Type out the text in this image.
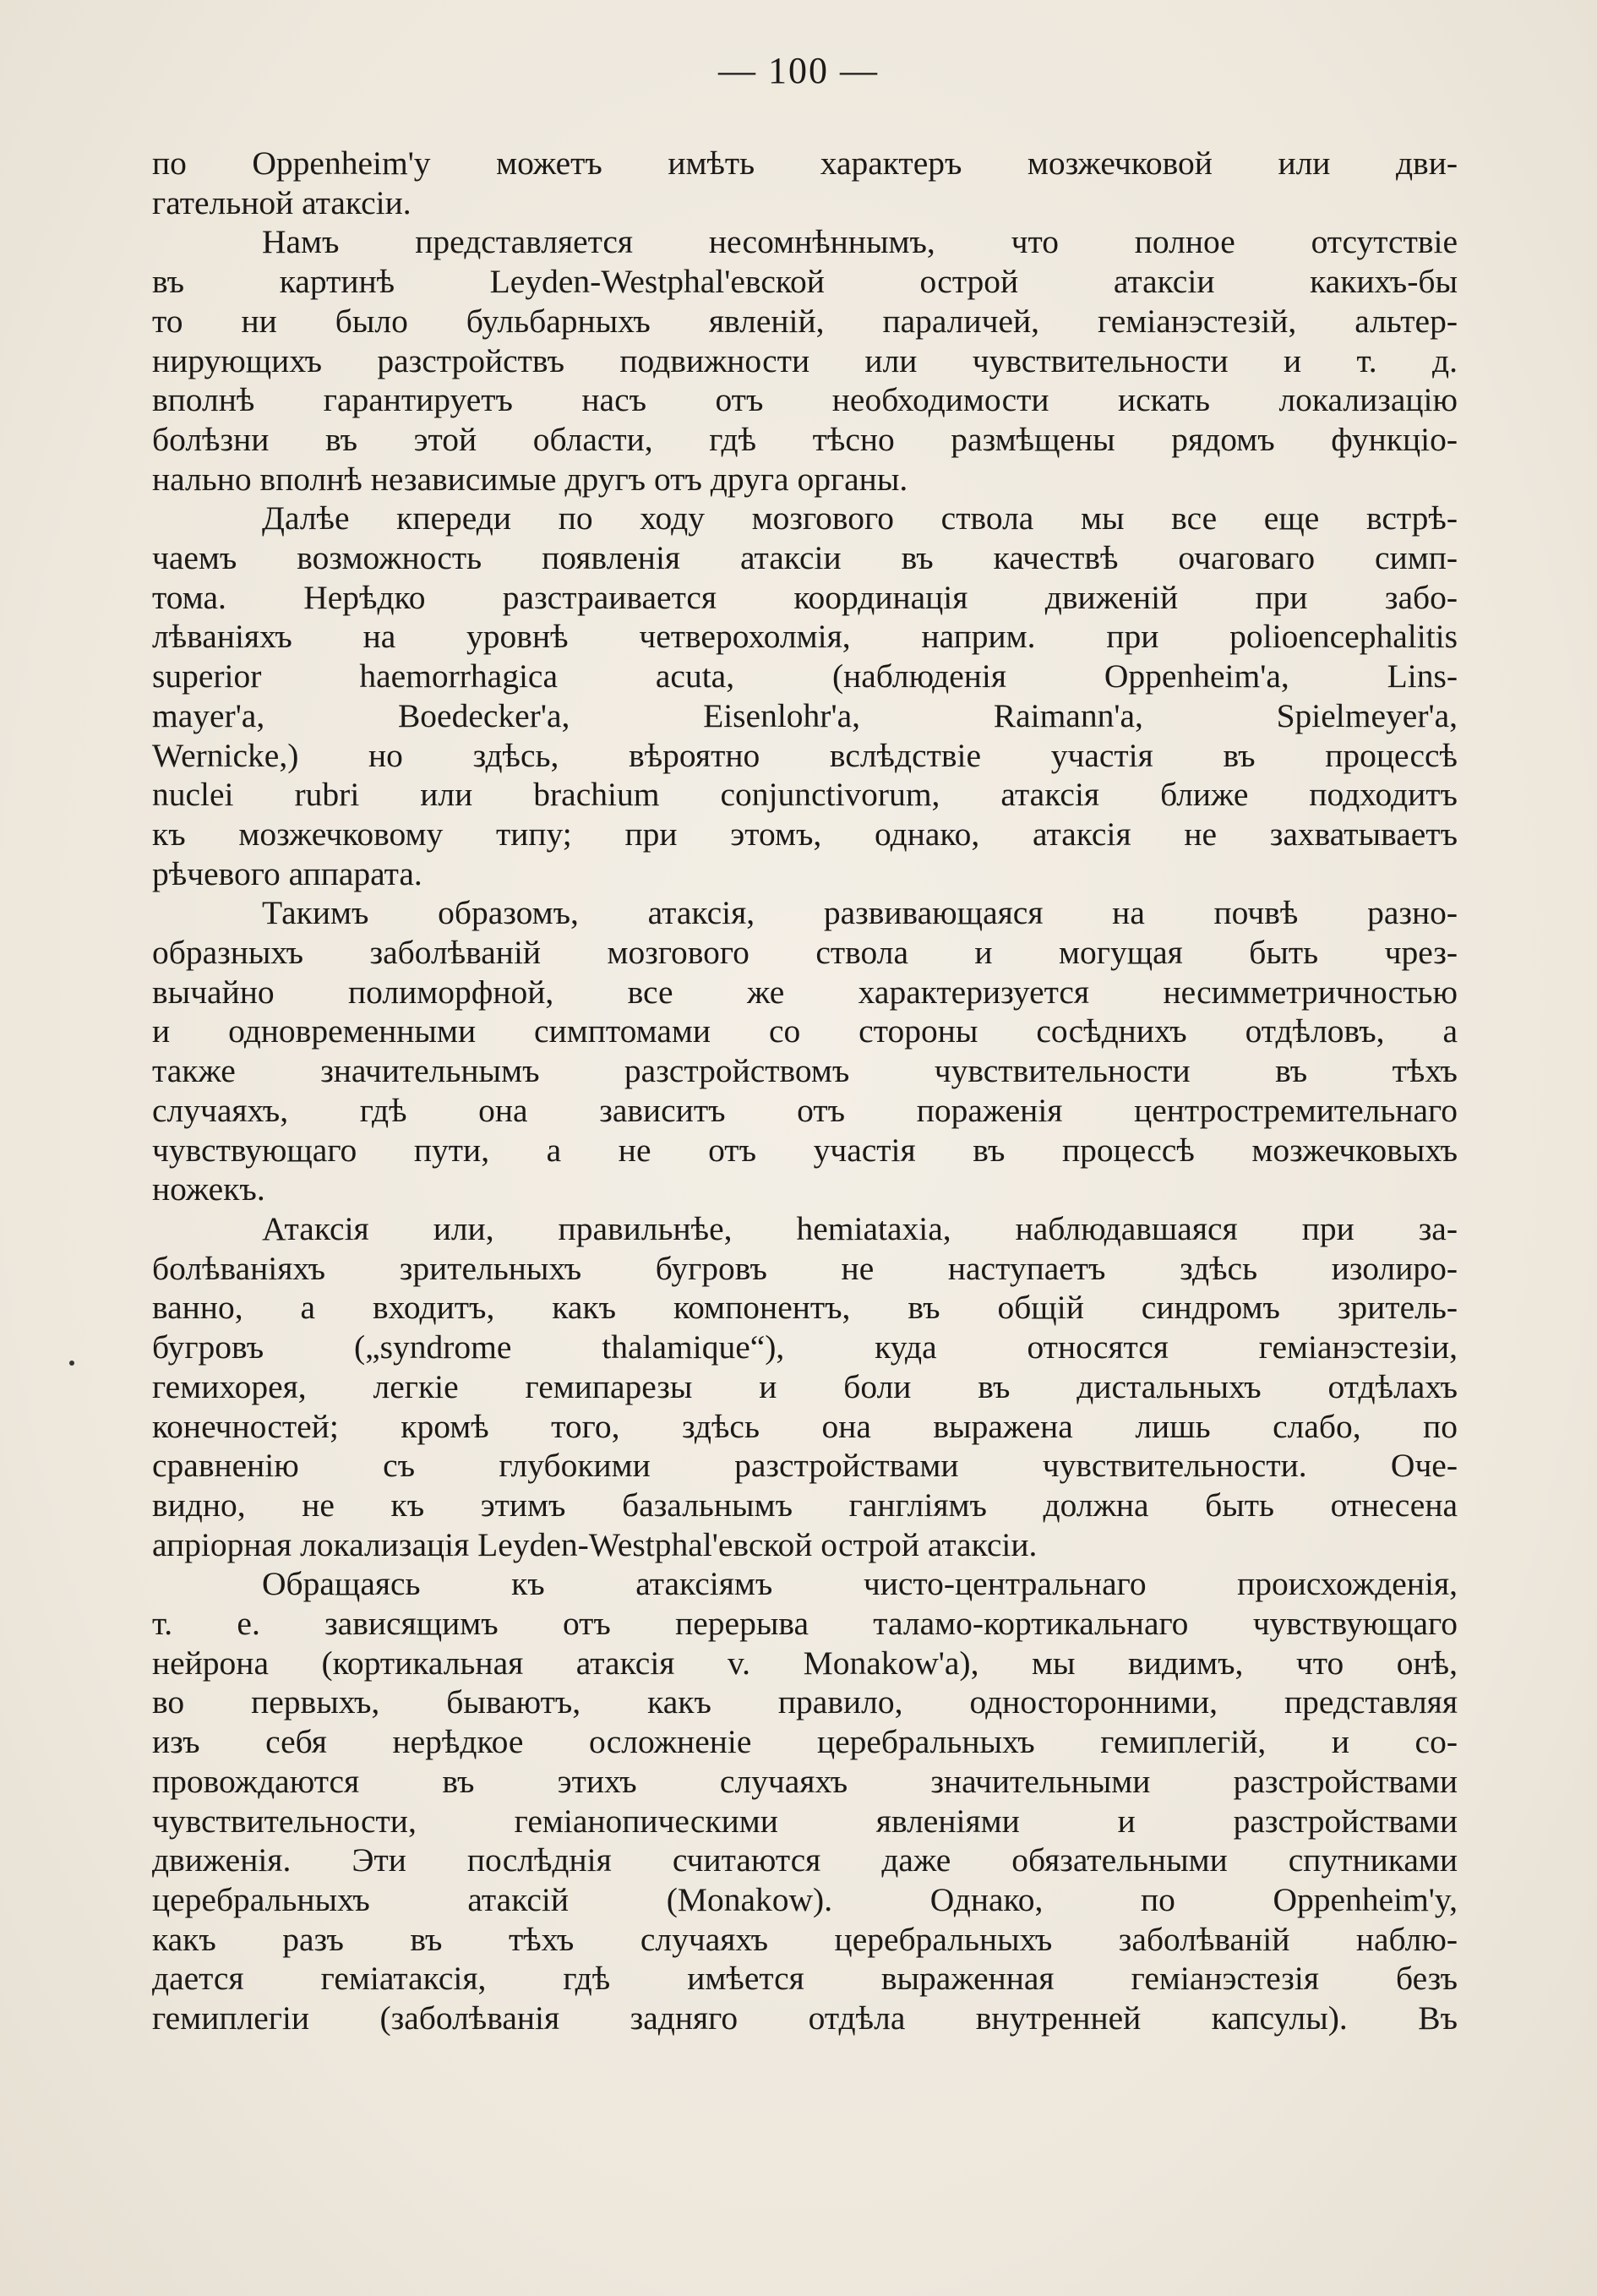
— 100 —
по Oppenheim'y можетъ имѣть характеръ мозжечковой или дви-
гательной атаксіи.
Намъ представляется несомнѣннымъ, что полное отсутствіе
въ картинѣ Leyden-Westphal'евской острой атаксіи какихъ-бы
то ни было бульбарныхъ явленій, параличей, геміанэстезій, альтер-
нирующихъ разстройствъ подвижности или чувствительности и т. д.
вполнѣ гарантируетъ насъ отъ необходимости искать локализацію
болѣзни въ этой области, гдѣ тѣсно размѣщены рядомъ функціо-
нально вполнѣ независимые другъ отъ друга органы.
Далѣе кпереди по ходу мозгового ствола мы все еще встрѣ-
чаемъ возможность появленія атаксіи въ качествѣ очаговаго симп-
тома. Нерѣдко разстраивается координація движеній при забо-
лѣваніяхъ на уровнѣ четверохолмія, наприм. при polioencephalitis
superior haemorrhagica acuta, (наблюденія Oppenheim'a, Lins-
mayer'a, Boedecker'a, Eisenlohr'a, Raimann'a, Spielmeyer'a,
Wernicke,) но здѣсь, вѣроятно вслѣдствіе участія въ процессѣ
nuclei rubri или brachium conjunctivorum, атаксія ближе подходитъ
къ мозжечковому типу; при этомъ, однако, атаксія не захватываетъ
рѣчевого аппарата.
Такимъ образомъ, атаксія, развивающаяся на почвѣ разно-
образныхъ заболѣваній мозгового ствола и могущая быть чрез-
вычайно полиморфной, все же характеризуется несимметричностью
и одновременными симптомами со стороны сосѣднихъ отдѣловъ, а
также значительнымъ разстройствомъ чувствительности въ тѣхъ
случаяхъ, гдѣ она зависитъ отъ пораженія центростремительнаго
чувствующаго пути, а не отъ участія въ процессѣ мозжечковыхъ
ножекъ.
Атаксія или, правильнѣе, hemiataxia, наблюдавшаяся при за-
болѣваніяхъ зрительныхъ бугровъ не наступаетъ здѣсь изолиро-
ванно, а входитъ, какъ компонентъ, въ общій синдромъ зритель-
бугровъ („syndrome thalamique“), куда относятся геміанэстезіи,
гемихорея, легкіе гемипарезы и боли въ дистальныхъ отдѣлахъ
конечностей; кромѣ того, здѣсь она выражена лишь слабо, по
сравненію съ глубокими разстройствами чувствительности. Оче-
видно, не къ этимъ базальнымъ гангліямъ должна быть отнесена
апріорная локализація Leyden-Westphal'евской острой атаксіи.
Обращаясь къ атаксіямъ чисто-центральнаго происхожденія,
т. е. зависящимъ отъ перерыва таламо-кортикальнаго чувствующаго
нейрона (кортикальная атаксія v. Monakow'a), мы видимъ, что онѣ,
во первыхъ, бываютъ, какъ правило, односторонними, представляя
изъ себя нерѣдкое осложненіе церебральныхъ гемиплегій, и со-
провождаются въ этихъ случаяхъ значительными разстройствами
чувствительности, геміанопическими явленіями и разстройствами
движенія. Эти послѣднія считаются даже обязательными спутниками
церебральныхъ атаксій (Monakow). Однако, по Oppenheim'y,
какъ разъ въ тѣхъ случаяхъ церебральныхъ заболѣваній наблю-
дается геміатаксія, гдѣ имѣется выраженная геміанэстезія безъ
гемиплегіи (заболѣванія задняго отдѣла внутренней капсулы). Въ
